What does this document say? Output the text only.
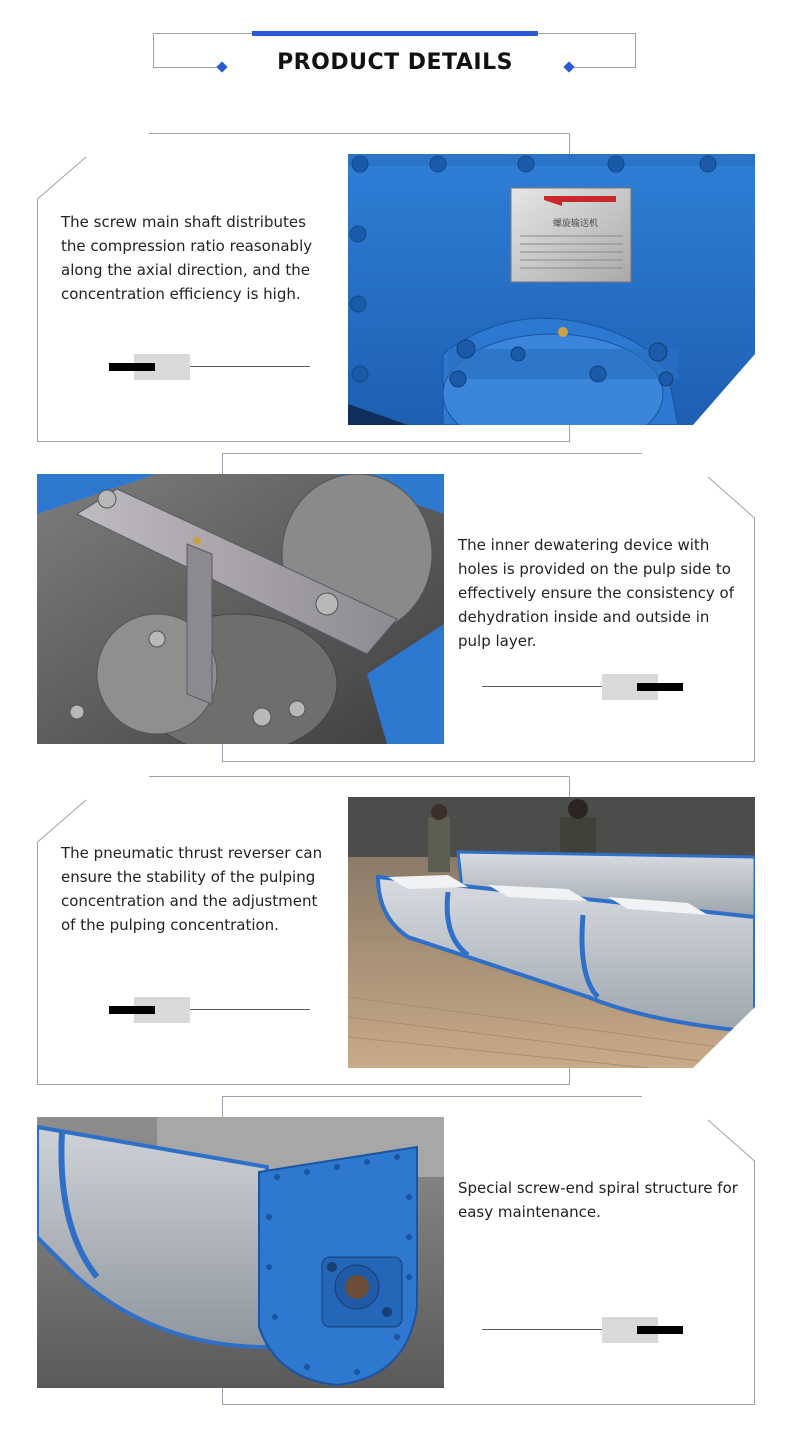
PRODUCT DETAILS
The screw main shaft distributes the compression ratio reasonably along the axial direction, and the concentration efficiency is high.
螺旋输送机
The inner dewatering device with holes is provided on the pulp side to effectively ensure the consistency of dehydration inside and outside in pulp layer.
The pneumatic thrust reverser can ensure the stability of the pulping concentration and the adjustment of the pulping concentration.
Special screw-end spiral structure for easy maintenance.
